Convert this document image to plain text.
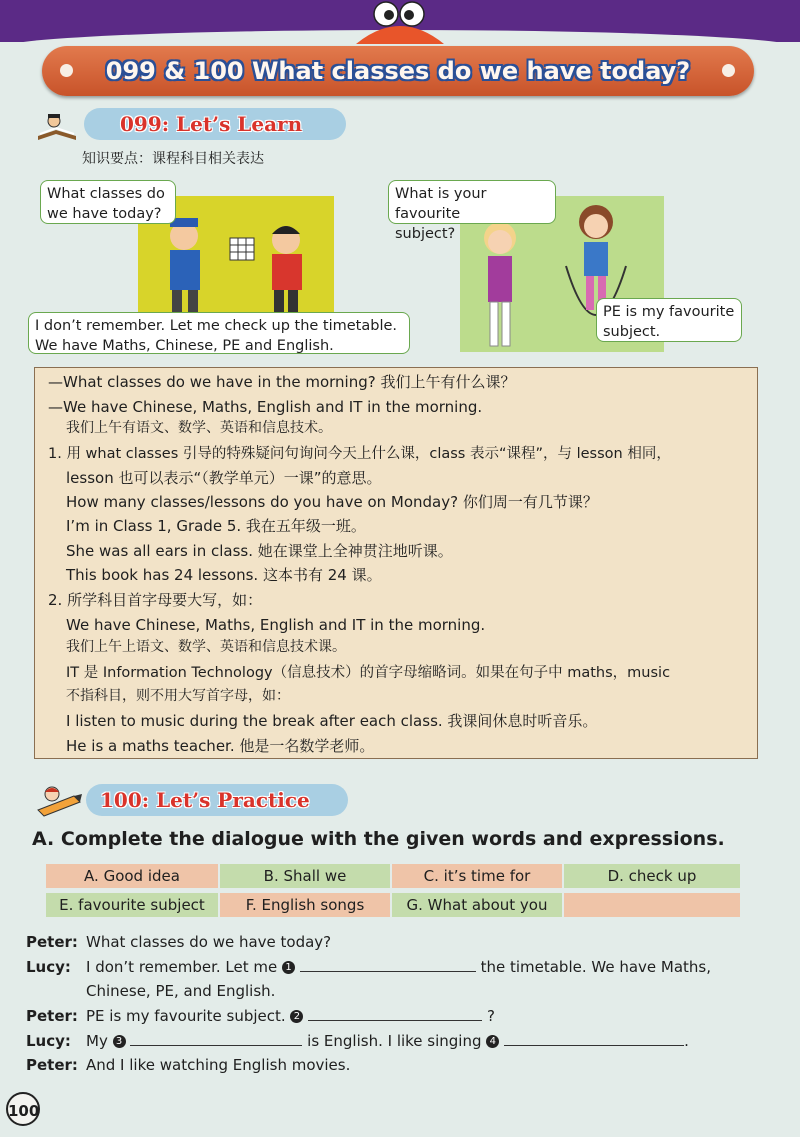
099 & 100 What classes do we have today?
099: Let’s Learn
知识要点：课程科目相关表达
What classes do
we have today?
I don’t remember. Let me check up the timetable.
We have Maths, Chinese, PE and English.
What is your favourite
subject?
PE is my favourite
subject.
—What classes do we have in the morning? 我们上午有什么课？
—We have Chinese, Maths, English and IT in the morning.
我们上午有语文、数学、英语和信息技术。
1. 用 what classes 引导的特殊疑问句询问今天上什么课，class 表示“课程”，与 lesson 相同，
lesson 也可以表示“（教学单元）一课”的意思。
How many classes/lessons do you have on Monday? 你们周一有几节课？
I’m in Class 1, Grade 5. 我在五年级一班。
She was all ears in class. 她在课堂上全神贯注地听课。
This book has 24 lessons. 这本书有 24 课。
2. 所学科目首字母要大写，如：
We have Chinese, Maths, English and IT in the morning.
我们上午上语文、数学、英语和信息技术课。
IT 是 Information Technology（信息技术）的首字母缩略词。如果在句子中 maths，music
不指科目，则不用大写首字母，如：
I listen to music during the break after each class. 我课间休息时听音乐。
He is a maths teacher. 他是一名数学老师。
100: Let’s Practice
A. Complete the dialogue with the given words and expressions.
A. Good idea	B. Shall we	C. it’s time for	D. check up
E. favourite subject	F. English songs	G. What about you
Peter: What classes do we have today?
Lucy: I don’t remember. Let me 1	the timetable. We have Maths,
Chinese, PE, and English.
Peter: PE is my favourite subject. 2	?
Lucy: My 3	is English. I like singing 4	.
Peter: And I like watching English movies.
100
